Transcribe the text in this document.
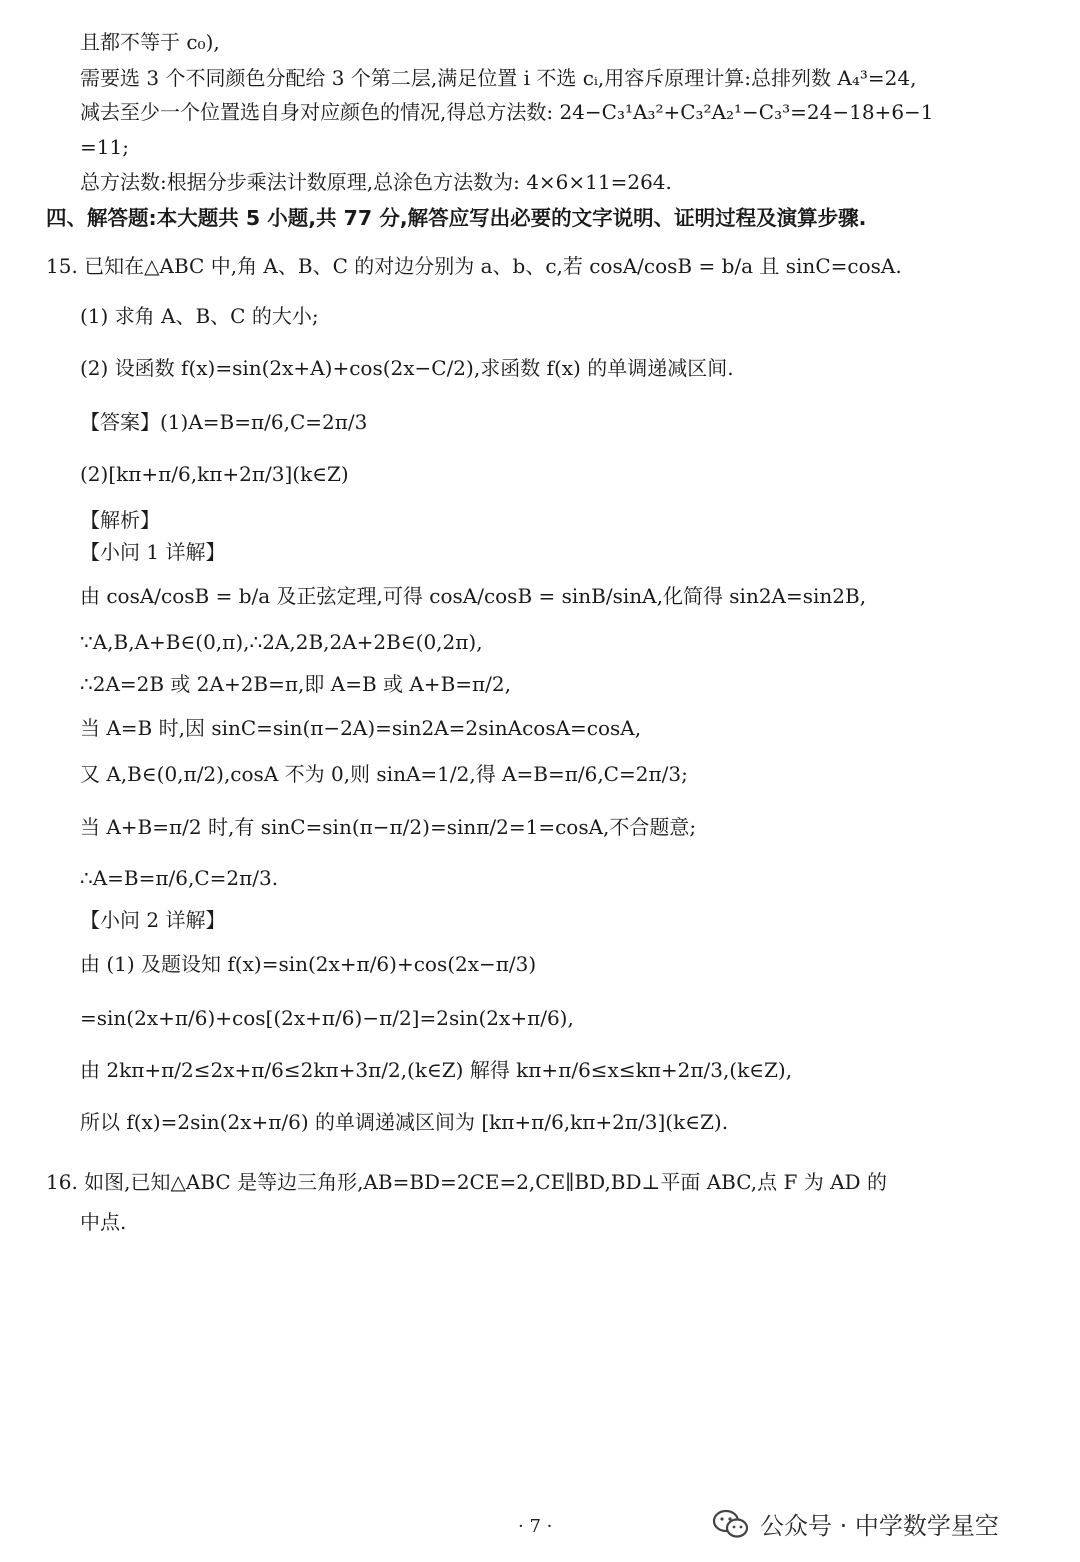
且都不等于 c₀),
需要选 3 个不同颜色分配给 3 个第二层,满足位置 i 不选 cᵢ,用容斥原理计算:总排列数 A₄³=24,
减去至少一个位置选自身对应颜色的情况,得总方法数: 24−C₃¹A₃²+C₃²A₂¹−C₃³=24−18+6−1
=11;
总方法数:根据分步乘法计数原理,总涂色方法数为: 4×6×11=264.
四、解答题:本大题共 5 小题,共 77 分,解答应写出必要的文字说明、证明过程及演算步骤.
15. 已知在△ABC 中,角 A、B、C 的对边分别为 a、b、c,若 cosA/cosB = b/a 且 sinC=cosA.
(1) 求角 A、B、C 的大小;
(2) 设函数 f(x)=sin(2x+A)+cos(2x−C/2),求函数 f(x) 的单调递减区间.
【答案】(1)A=B=π/6,C=2π/3
(2)[kπ+π/6,kπ+2π/3](k∈Z)
【解析】
【小问 1 详解】
由 cosA/cosB = b/a 及正弦定理,可得 cosA/cosB = sinB/sinA,化简得 sin2A=sin2B,
∵A,B,A+B∈(0,π),∴2A,2B,2A+2B∈(0,2π),
∴2A=2B 或 2A+2B=π,即 A=B 或 A+B=π/2,
当 A=B 时,因 sinC=sin(π−2A)=sin2A=2sinAcosA=cosA,
又 A,B∈(0,π/2),cosA 不为 0,则 sinA=1/2,得 A=B=π/6,C=2π/3;
当 A+B=π/2 时,有 sinC=sin(π−π/2)=sinπ/2=1=cosA,不合题意;
∴A=B=π/6,C=2π/3.
【小问 2 详解】
由 (1) 及题设知 f(x)=sin(2x+π/6)+cos(2x−π/3)
=sin(2x+π/6)+cos[(2x+π/6)−π/2]=2sin(2x+π/6),
由 2kπ+π/2≤2x+π/6≤2kπ+3π/2,(k∈Z) 解得 kπ+π/6≤x≤kπ+2π/3,(k∈Z),
所以 f(x)=2sin(2x+π/6) 的单调递减区间为 [kπ+π/6,kπ+2π/3](k∈Z).
16. 如图,已知△ABC 是等边三角形,AB=BD=2CE=2,CE∥BD,BD⊥平面 ABC,点 F 为 AD 的
中点.
· 7 ·	公众号 · 中学数学星空
